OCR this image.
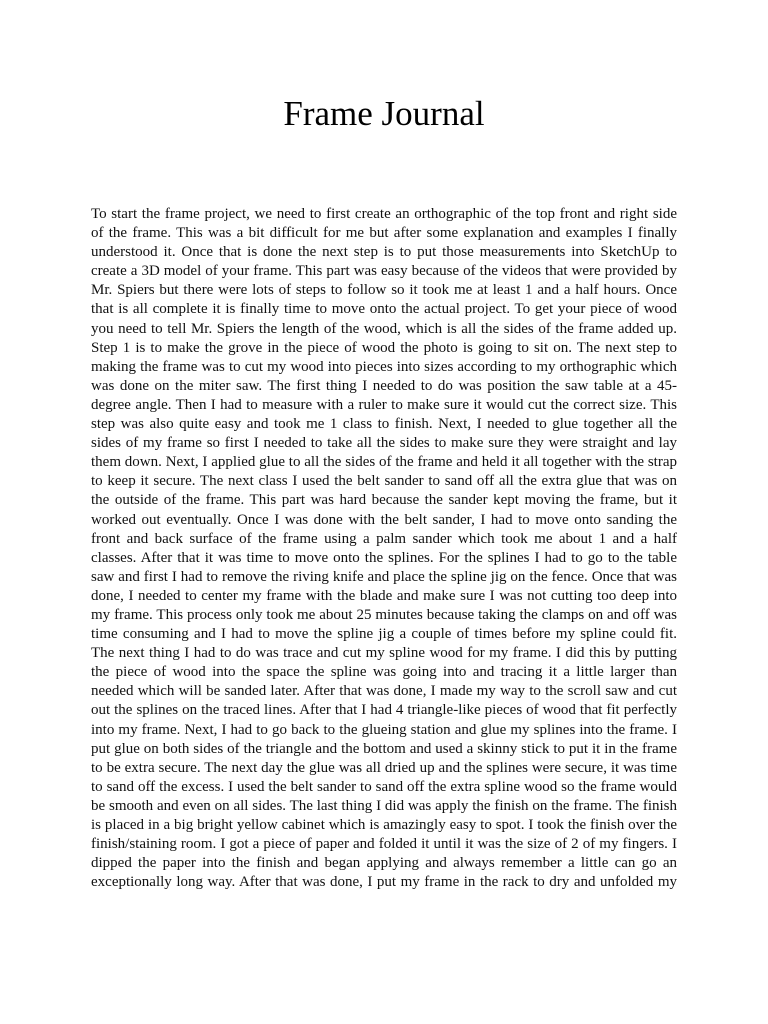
Frame Journal
To start the frame project, we need to first create an orthographic of the top front and right side
of the frame. This was a bit difficult for me but after some explanation and examples I finally
understood it. Once that is done the next step is to put those measurements into SketchUp to
create a 3D model of your frame. This part was easy because of the videos that were provided by
Mr. Spiers but there were lots of steps to follow so it took me at least 1 and a half hours. Once
that is all complete it is finally time to move onto the actual project. To get your piece of wood
you need to tell Mr. Spiers the length of the wood, which is all the sides of the frame added up.
Step 1 is to make the grove in the piece of wood the photo is going to sit on. The next step to
making the frame was to cut my wood into pieces into sizes according to my orthographic which
was done on the miter saw. The first thing I needed to do was position the saw table at a 45-
degree angle. Then I had to measure with a ruler to make sure it would cut the correct size. This
step was also quite easy and took me 1 class to finish. Next, I needed to glue together all the
sides of my frame so first I needed to take all the sides to make sure they were straight and lay
them down. Next, I applied glue to all the sides of the frame and held it all together with the strap
to keep it secure. The next class I used the belt sander to sand off all the extra glue that was on
the outside of the frame. This part was hard because the sander kept moving the frame, but it
worked out eventually. Once I was done with the belt sander, I had to move onto sanding the
front and back surface of the frame using a palm sander which took me about 1 and a half
classes. After that it was time to move onto the splines. For the splines I had to go to the table
saw and first I had to remove the riving knife and place the spline jig on the fence. Once that was
done, I needed to center my frame with the blade and make sure I was not cutting too deep into
my frame. This process only took me about 25 minutes because taking the clamps on and off was
time consuming and I had to move the spline jig a couple of times before my spline could fit.
The next thing I had to do was trace and cut my spline wood for my frame. I did this by putting
the piece of wood into the space the spline was going into and tracing it a little larger than
needed which will be sanded later. After that was done, I made my way to the scroll saw and cut
out the splines on the traced lines. After that I had 4 triangle-like pieces of wood that fit perfectly
into my frame. Next, I had to go back to the glueing station and glue my splines into the frame. I
put glue on both sides of the triangle and the bottom and used a skinny stick to put it in the frame
to be extra secure. The next day the glue was all dried up and the splines were secure, it was time
to sand off the excess. I used the belt sander to sand off the extra spline wood so the frame would
be smooth and even on all sides. The last thing I did was apply the finish on the frame. The finish
is placed in a big bright yellow cabinet which is amazingly easy to spot. I took the finish over the
finish/staining room. I got a piece of paper and folded it until it was the size of 2 of my fingers. I
dipped the paper into the finish and began applying and always remember a little can go an
exceptionally long way. After that was done, I put my frame in the rack to dry and unfolded my
